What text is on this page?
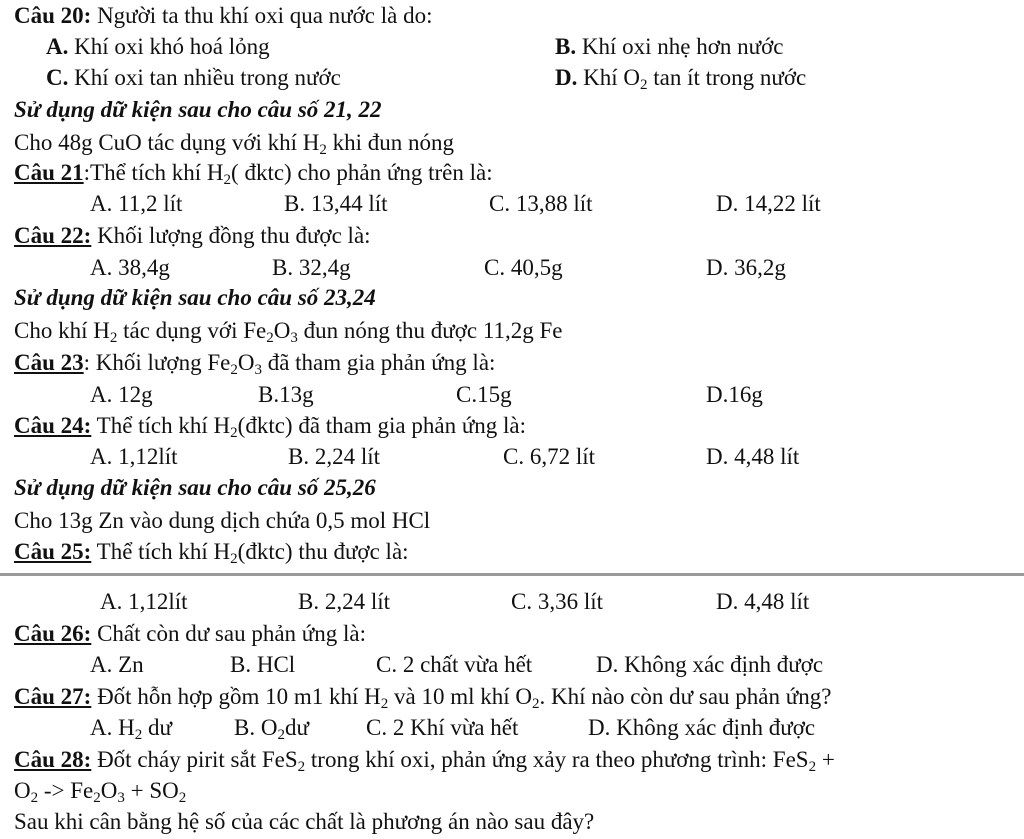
Câu 20: Người ta thu khí oxi qua nước là do:
A. Khí oxi khó hoá lỏng	B. Khí oxi nhẹ hơn nước
C. Khí oxi tan nhiều trong nước	D. Khí $O_2$ tan ít trong nước
Sử dụng dữ kiện sau cho câu số 21, 22
Cho 48g CuO tác dụng với khí $H_2$ khi đun nóng
Câu 21:Thể tích khí $H_2$( đktc) cho phản ứng trên là:
A. 11,2 lít	B. 13,44 lít	C. 13,88 lít	D. 14,22 lít
Câu 22: Khối lượng đồng thu được là:
A. 38,4g	B. 32,4g	C. 40,5g	D. 36,2g
Sử dụng dữ kiện sau cho câu số 23,24
Cho khí $H_2$ tác dụng với $Fe_2O_3$ đun nóng thu được 11,2g Fe
Câu 23: Khối lượng $Fe_2O_3$ đã tham gia phản ứng là:
A. 12g	B.13g	C.15g	D.16g
Câu 24: Thể tích khí $H_2(đktc)$ đã tham gia phản ứng là:
A. 1,12lít	B. 2,24 lít	C. 6,72 lít	D. 4,48 lít
Sử dụng dữ kiện sau cho câu số 25,26
Cho 13g Zn vào dung dịch chứa 0,5 mol HCl
Câu 25: Thể tích khí $H_2(đktc)$ thu được là:
A. 1,12lít	B. 2,24 lít	C. 3,36 lít	D. 4,48 lít
Câu 26: Chất còn dư sau phản ứng là:
A. Zn	B. HCl	C. 2 chất vừa hết	D. Không xác định được
Câu 27: Đốt hỗn hợp gồm 10 m1 khí $H_2$ và 10 ml khí $O_2$. Khí nào còn dư sau phản ứng?
A. $H_2$ dư	B. $O_2dư$ C. 2 Khí vừa hết	D. Không xác định được
Câu 28: Đốt cháy pirit sắt FeS$_2$ trong khí oxi, phản ứng xảy ra theo phương trình: FeS$_2$ +
$O_2 -> Fe_2O_3 + SO_2$
Sau khi cân bằng hệ số của các chất là phương án nào sau đây?
